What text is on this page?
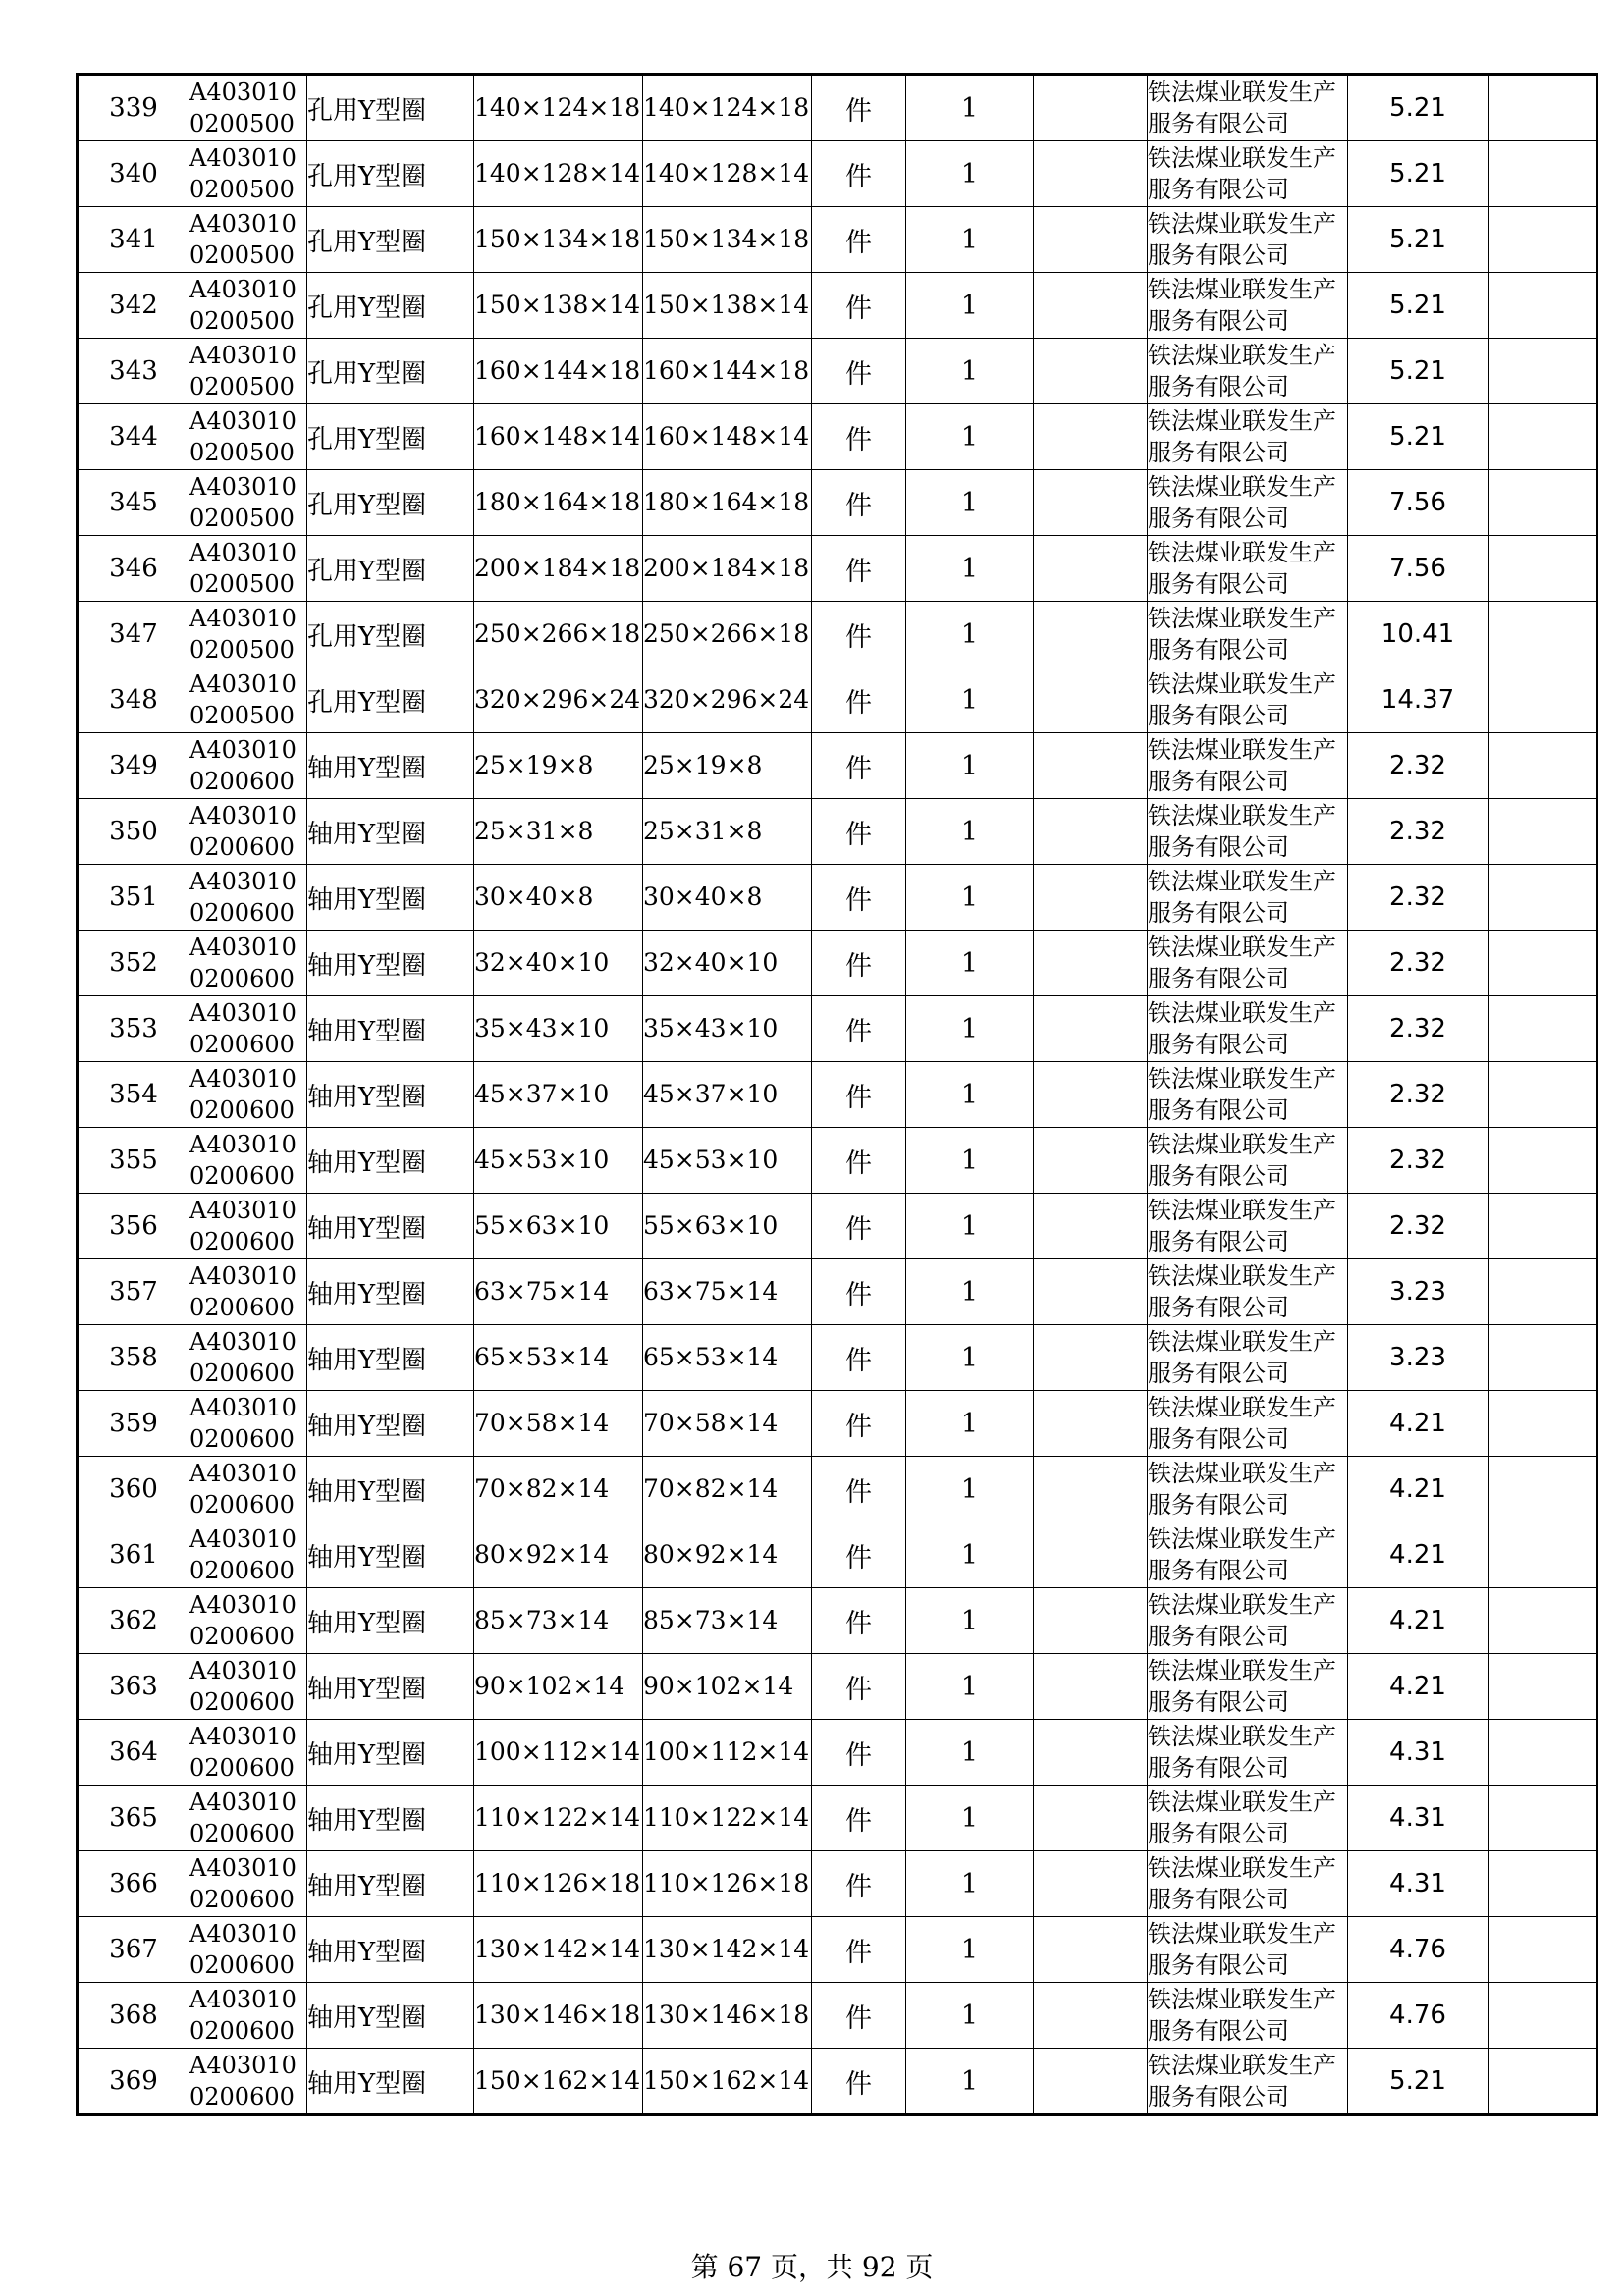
339	A4030100200500	孔用Y型圈	140×124×18	140×124×18	件	1		铁法煤业联发生产服务有限公司	5.21	
340	A4030100200500	孔用Y型圈	140×128×14	140×128×14	件	1		铁法煤业联发生产服务有限公司	5.21	
341	A4030100200500	孔用Y型圈	150×134×18	150×134×18	件	1		铁法煤业联发生产服务有限公司	5.21	
342	A4030100200500	孔用Y型圈	150×138×14	150×138×14	件	1		铁法煤业联发生产服务有限公司	5.21	
343	A4030100200500	孔用Y型圈	160×144×18	160×144×18	件	1		铁法煤业联发生产服务有限公司	5.21	
344	A4030100200500	孔用Y型圈	160×148×14	160×148×14	件	1		铁法煤业联发生产服务有限公司	5.21	
345	A4030100200500	孔用Y型圈	180×164×18	180×164×18	件	1		铁法煤业联发生产服务有限公司	7.56	
346	A4030100200500	孔用Y型圈	200×184×18	200×184×18	件	1		铁法煤业联发生产服务有限公司	7.56	
347	A4030100200500	孔用Y型圈	250×266×18	250×266×18	件	1		铁法煤业联发生产服务有限公司	10.41	
348	A4030100200500	孔用Y型圈	320×296×24	320×296×24	件	1		铁法煤业联发生产服务有限公司	14.37	
349	A4030100200600	轴用Y型圈	25×19×8	25×19×8	件	1		铁法煤业联发生产服务有限公司	2.32	
350	A4030100200600	轴用Y型圈	25×31×8	25×31×8	件	1		铁法煤业联发生产服务有限公司	2.32	
351	A4030100200600	轴用Y型圈	30×40×8	30×40×8	件	1		铁法煤业联发生产服务有限公司	2.32	
352	A4030100200600	轴用Y型圈	32×40×10	32×40×10	件	1		铁法煤业联发生产服务有限公司	2.32	
353	A4030100200600	轴用Y型圈	35×43×10	35×43×10	件	1		铁法煤业联发生产服务有限公司	2.32	
354	A4030100200600	轴用Y型圈	45×37×10	45×37×10	件	1		铁法煤业联发生产服务有限公司	2.32	
355	A4030100200600	轴用Y型圈	45×53×10	45×53×10	件	1		铁法煤业联发生产服务有限公司	2.32	
356	A4030100200600	轴用Y型圈	55×63×10	55×63×10	件	1		铁法煤业联发生产服务有限公司	2.32	
357	A4030100200600	轴用Y型圈	63×75×14	63×75×14	件	1		铁法煤业联发生产服务有限公司	3.23	
358	A4030100200600	轴用Y型圈	65×53×14	65×53×14	件	1		铁法煤业联发生产服务有限公司	3.23	
359	A4030100200600	轴用Y型圈	70×58×14	70×58×14	件	1		铁法煤业联发生产服务有限公司	4.21	
360	A4030100200600	轴用Y型圈	70×82×14	70×82×14	件	1		铁法煤业联发生产服务有限公司	4.21	
361	A4030100200600	轴用Y型圈	80×92×14	80×92×14	件	1		铁法煤业联发生产服务有限公司	4.21	
362	A4030100200600	轴用Y型圈	85×73×14	85×73×14	件	1		铁法煤业联发生产服务有限公司	4.21	
363	A4030100200600	轴用Y型圈	90×102×14	90×102×14	件	1		铁法煤业联发生产服务有限公司	4.21	
364	A4030100200600	轴用Y型圈	100×112×14	100×112×14	件	1		铁法煤业联发生产服务有限公司	4.31	
365	A4030100200600	轴用Y型圈	110×122×14	110×122×14	件	1		铁法煤业联发生产服务有限公司	4.31	
366	A4030100200600	轴用Y型圈	110×126×18	110×126×18	件	1		铁法煤业联发生产服务有限公司	4.31	
367	A4030100200600	轴用Y型圈	130×142×14	130×142×14	件	1		铁法煤业联发生产服务有限公司	4.76	
368	A4030100200600	轴用Y型圈	130×146×18	130×146×18	件	1		铁法煤业联发生产服务有限公司	4.76	
369	A4030100200600	轴用Y型圈	150×162×14	150×162×14	件	1		铁法煤业联发生产服务有限公司	5.21	
第 67 页，共 92 页
